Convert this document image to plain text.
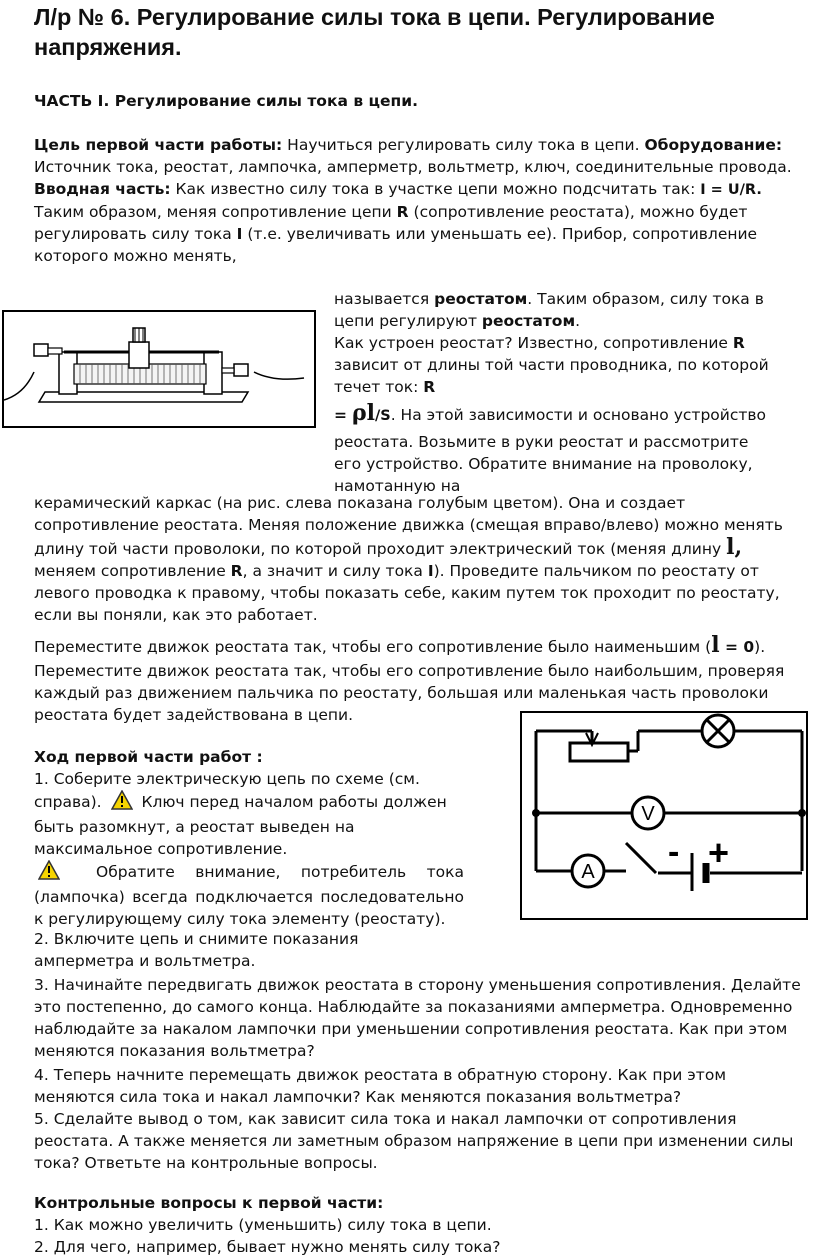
Л/р № 6. Регулирование силы тока в цепи. Регулирование напряжения.
ЧАСТЬ I. Регулирование силы тока в цепи.
Цель первой части работы: Научиться регулировать силу тока в цепи. Оборудование: Источник тока, реостат, лампочка, амперметр, вольтметр, ключ, соединительные провода.
Вводная часть: Как известно силу тока в участке цепи можно подсчитать так: I = U/R. Таким образом, меняя сопротивление цепи R (сопротивление реостата), можно будет регулировать силу тока I (т.е. увеличивать или уменьшать ее). Прибор, сопротивление которого можно менять,
называется реостатом. Таким образом, силу тока в цепи регулируют реостатом.
Как устроен реостат? Известно, сопротивление R зависит от длины той части проводника, по которой течет ток: R
= ρl/S. На этой зависимости и основано устройство реостата. Возьмите в руки реостат и рассмотрите его устройство. Обратите внимание на проволоку, намотанную на
керамический каркас (на рис. слева показана голубым цветом). Она и создает сопротивление реостата. Меняя положение движка (смещая вправо/влево) можно менять длину той части проволоки, по которой проходит электрический ток (меняя длину l, меняем сопротивление R, а значит и силу тока I). Проведите пальчиком по реостату от левого проводка к правому, чтобы показать себе, каким путем ток проходит по реостату, если вы поняли, как это работает.
Переместите движок реостата так, чтобы его сопротивление было наименьшим (l = 0).
Переместите движок реостата так, чтобы его сопротивление было наибольшим, проверяя каждый раз движением пальчика по реостату, большая или маленькая часть проволоки реостата будет задействована в цепи.
V
A
- +
Ход первой части работ :
1. Соберите электрическую цепь по схеме (см. справа).  Ключ перед началом работы должен быть разомкнут, а реостат выведен на максимальное сопротивление.
Обратите внимание, потребитель тока (лампочка) всегда подключается последовательно к регулирующему силу тока элементу (реостату).
2. Включите цепь и снимите показания амперметра и вольтметра.
3. Начинайте передвигать движок реостата в сторону уменьшения сопротивления. Делайте это постепенно, до самого конца. Наблюдайте за показаниями амперметра. Одновременно наблюдайте за накалом лампочки при уменьшении сопротивления реостата. Как при этом меняются показания вольтметра?
4. Теперь начните перемещать движок реостата в обратную сторону. Как при этом меняются сила тока и накал лампочки? Как меняются показания вольтметра?
5. Сделайте вывод о том, как зависит сила тока и накал лампочки от сопротивления реостата. А также меняется ли заметным образом напряжение в цепи при изменении силы тока? Ответьте на контрольные вопросы.
Контрольные вопросы к первой части:
1. Как можно увеличить (уменьшить) силу тока в цепи.
2. Для чего, например, бывает нужно менять силу тока?
